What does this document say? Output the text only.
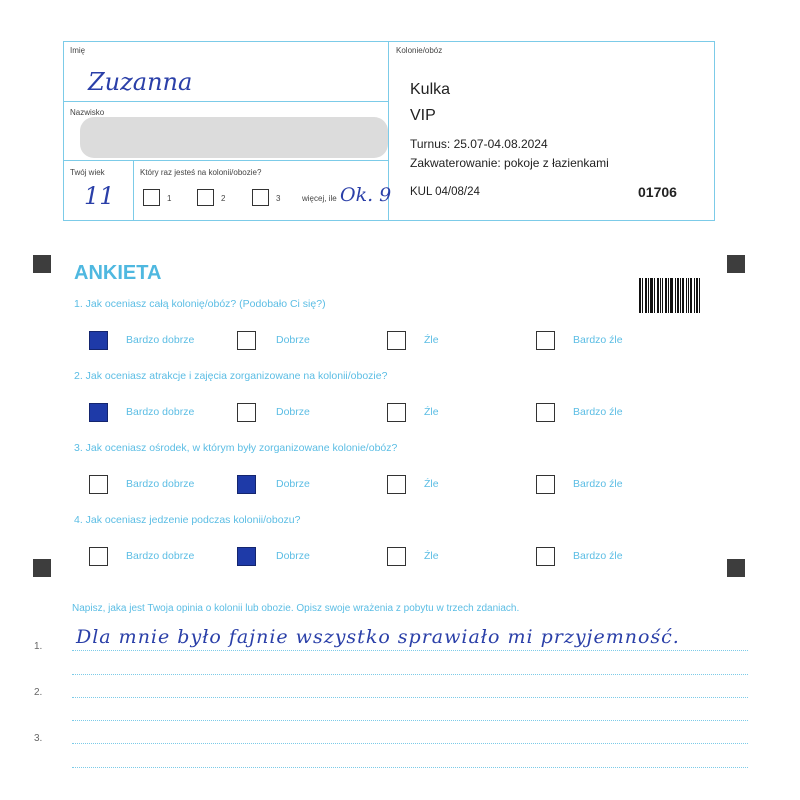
Imię
Zuzanna
Nazwisko
Twój wiek
11
Który raz jesteś na kolonii/obozie?
1	2	3	więcej, ile Ok. 9
Kolonie/obóz
Kulka
VIP
Turnus: 25.07-04.08.2024
Zakwaterowanie: pokoje z łazienkami
KUL 04/08/24	01706
ANKIETA
1. Jak oceniasz całą kolonię/obóz? (Podobało Ci się?)
Bardzo dobrze	Dobrze	Źle	Bardzo źle
2. Jak oceniasz atrakcje i zajęcia zorganizowane na kolonii/obozie?
Bardzo dobrze	Dobrze	Źle	Bardzo źle
3. Jak oceniasz ośrodek, w którym były zorganizowane kolonie/obóz?
Bardzo dobrze	Dobrze	Źle	Bardzo źle
4. Jak oceniasz jedzenie podczas kolonii/obozu?
Bardzo dobrze	Dobrze	Źle	Bardzo źle
Napisz, jaka jest Twoja opinia o kolonii lub obozie. Opisz swoje wrażenia z pobytu w trzech zdaniach.
1.
2.
3.
Dla mnie było fajnie wszystko sprawiało mi przyjemność.
